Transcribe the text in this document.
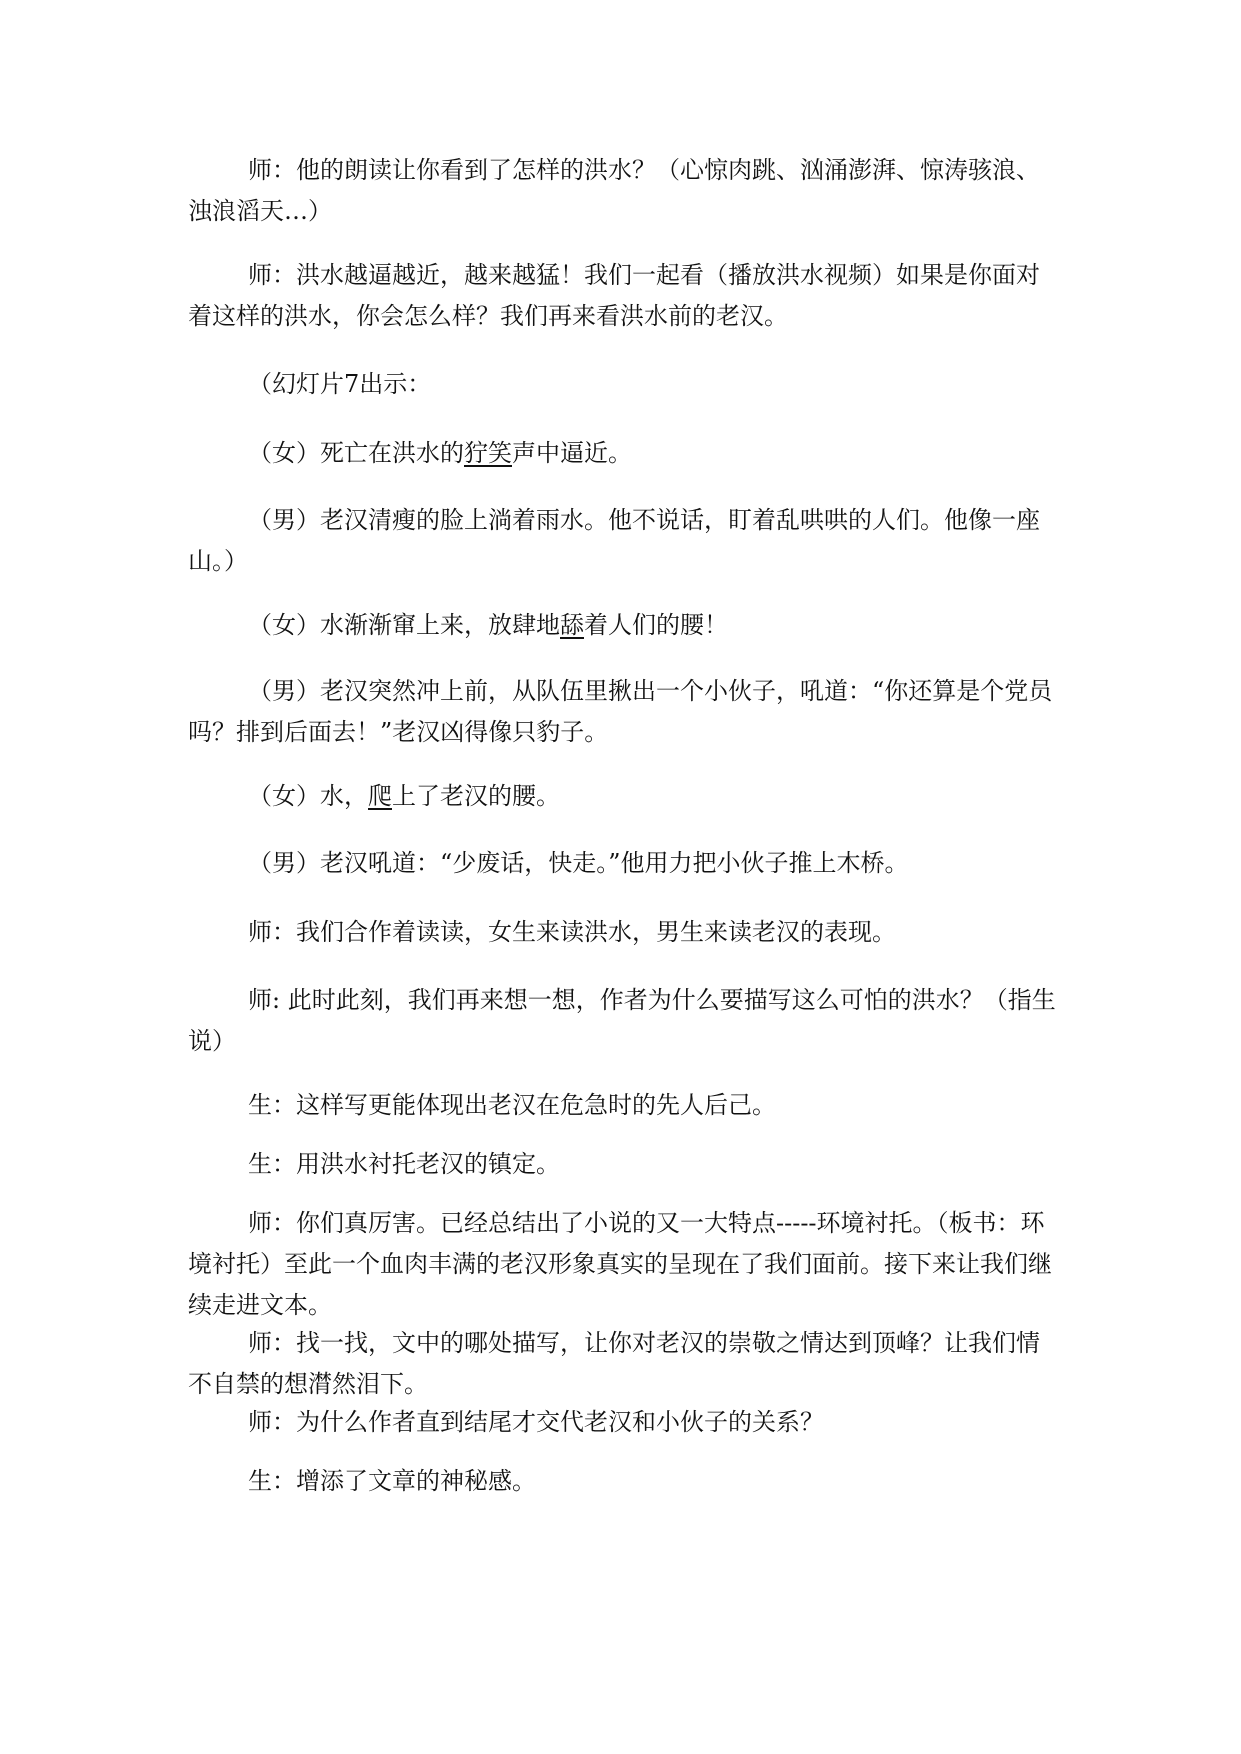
师：他的朗读让你看到了怎样的洪水？（心惊肉跳、汹涌澎湃、惊涛骇浪、浊浪滔天…）

师：洪水越逼越近，越来越猛！我们一起看（播放洪水视频）如果是你面对着这样的洪水，你会怎么样？我们再来看洪水前的老汉。

（幻灯片7出示：

（女）死亡在洪水的狞笑声中逼近。

（男）老汉清瘦的脸上淌着雨水。他不说话，盯着乱哄哄的人们。他像一座山。）

（女）水渐渐窜上来，放肆地舔着人们的腰！

（男）老汉突然冲上前，从队伍里揪出一个小伙子，吼道：“你还算是个党员吗？排到后面去！”老汉凶得像只豹子。

（女）水，爬上了老汉的腰。

（男）老汉吼道：“少废话，快走。”他用力把小伙子推上木桥。

师：我们合作着读读，女生来读洪水，男生来读老汉的表现。

师: 此时此刻，我们再来想一想，作者为什么要描写这么可怕的洪水？（指生说）

生：这样写更能体现出老汉在危急时的先人后己。

生：用洪水衬托老汉的镇定。

师：你们真厉害。已经总结出了小说的又一大特点-----环境衬托。（板书：环境衬托）至此一个血肉丰满的老汉形象真实的呈现在了我们面前。接下来让我们继续走进文本。

师：找一找，文中的哪处描写，让你对老汉的崇敬之情达到顶峰？让我们情不自禁的想潸然泪下。

师：为什么作者直到结尾才交代老汉和小伙子的关系？

生：增添了文章的神秘感。
